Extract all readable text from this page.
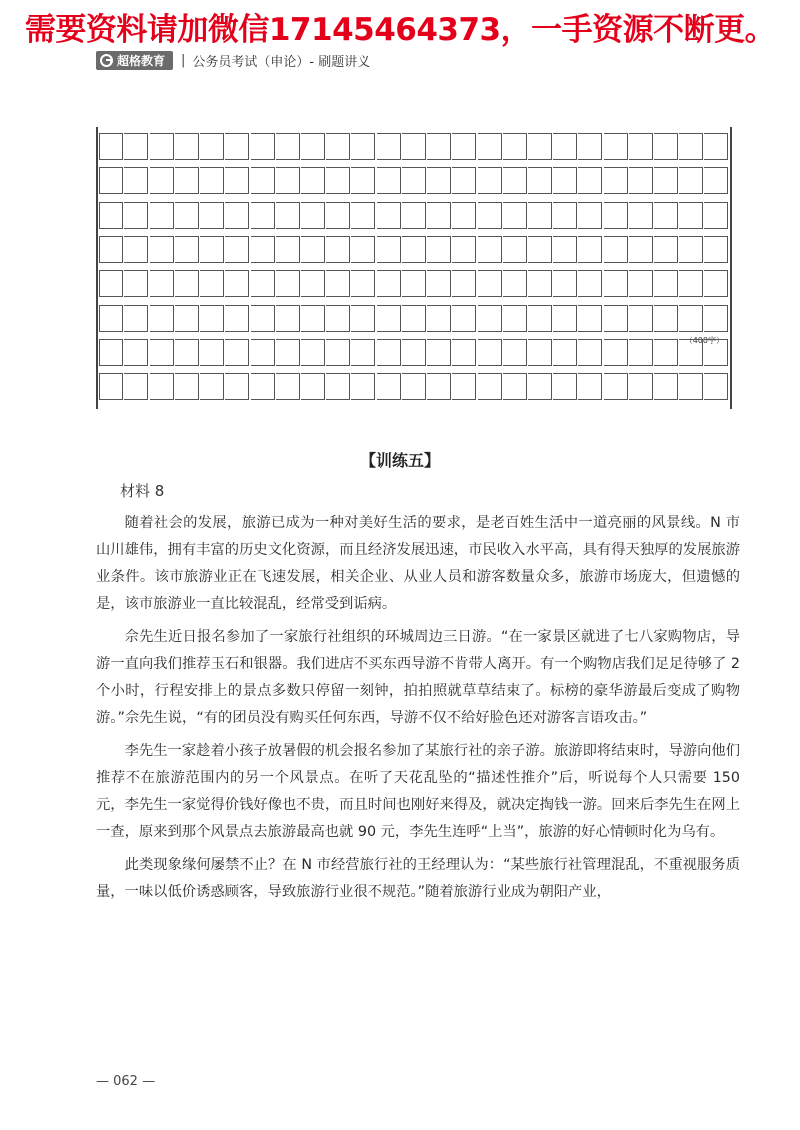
需要资料请加微信17145464373，一手资源不断更。
超格教育 | 公务员考试（申论）- 刷题讲义
（400字）
【训练五】
材料 8

随着社会的发展，旅游已成为一种对美好生活的要求，是老百姓生活中一道亮丽的风景线。N 市山川雄伟，拥有丰富的历史文化资源，而且经济发展迅速，市民收入水平高，具有得天独厚的发展旅游业条件。该市旅游业正在飞速发展，相关企业、从业人员和游客数量众多，旅游市场庞大，但遗憾的是，该市旅游业一直比较混乱，经常受到诟病。

佘先生近日报名参加了一家旅行社组织的环城周边三日游。“在一家景区就进了七八家购物店，导游一直向我们推荐玉石和银器。我们进店不买东西导游不肯带人离开。有一个购物店我们足足待够了 2 个小时，行程安排上的景点多数只停留一刻钟，拍拍照就草草结束了。标榜的豪华游最后变成了购物游。”佘先生说，“有的团员没有购买任何东西，导游不仅不给好脸色还对游客言语攻击。”

李先生一家趁着小孩子放暑假的机会报名参加了某旅行社的亲子游。旅游即将结束时，导游向他们推荐不在旅游范围内的另一个风景点。在听了天花乱坠的“描述性推介”后，听说每个人只需要 150 元，李先生一家觉得价钱好像也不贵，而且时间也刚好来得及，就决定掏钱一游。回来后李先生在网上一查，原来到那个风景点去旅游最高也就 90 元，李先生连呼“上当”，旅游的好心情顿时化为乌有。

此类现象缘何屡禁不止？在 N 市经营旅行社的王经理认为：“某些旅行社管理混乱，不重视服务质量，一味以低价诱惑顾客，导致旅游行业很不规范。”随着旅游行业成为朝阳产业，

— 062 —
